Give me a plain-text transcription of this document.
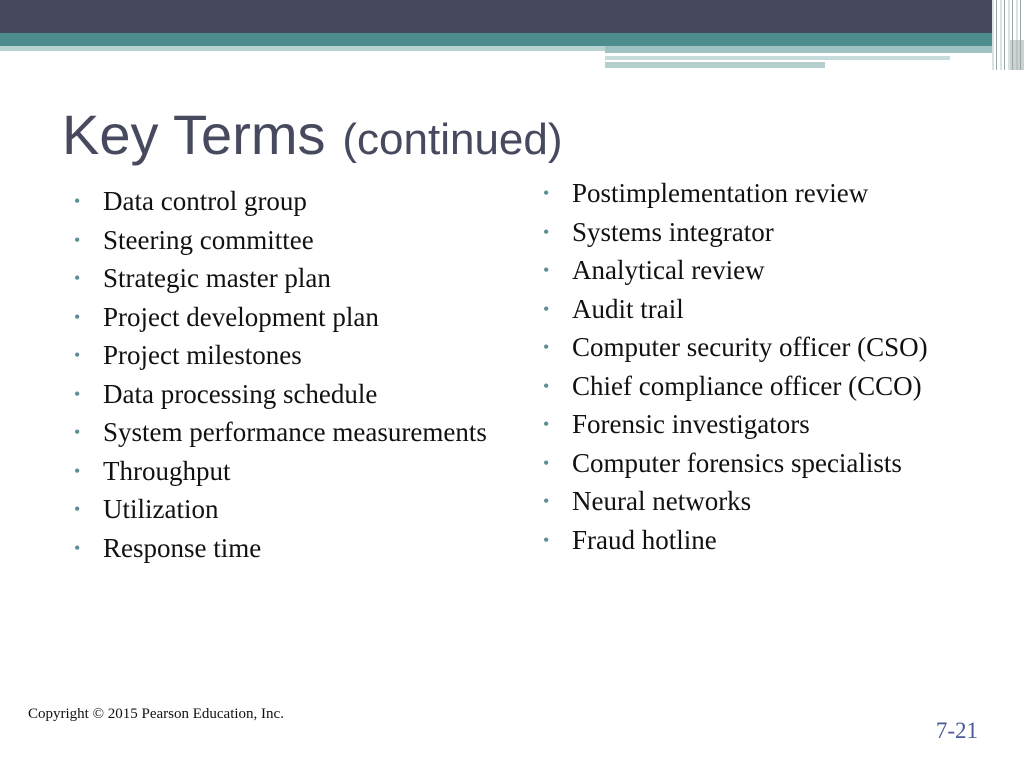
Key Terms (continued)
• Data control group
• Steering committee
• Strategic master plan
• Project development plan
• Project milestones
• Data processing schedule
• System performance measurements
• Throughput
• Utilization
• Response time
• Postimplementation review
• Systems integrator
• Analytical review
• Audit trail
• Computer security officer (CSO)
• Chief compliance officer (CCO)
• Forensic investigators
• Computer forensics specialists
• Neural networks
• Fraud hotline
Copyright © 2015 Pearson Education, Inc.
7-21
